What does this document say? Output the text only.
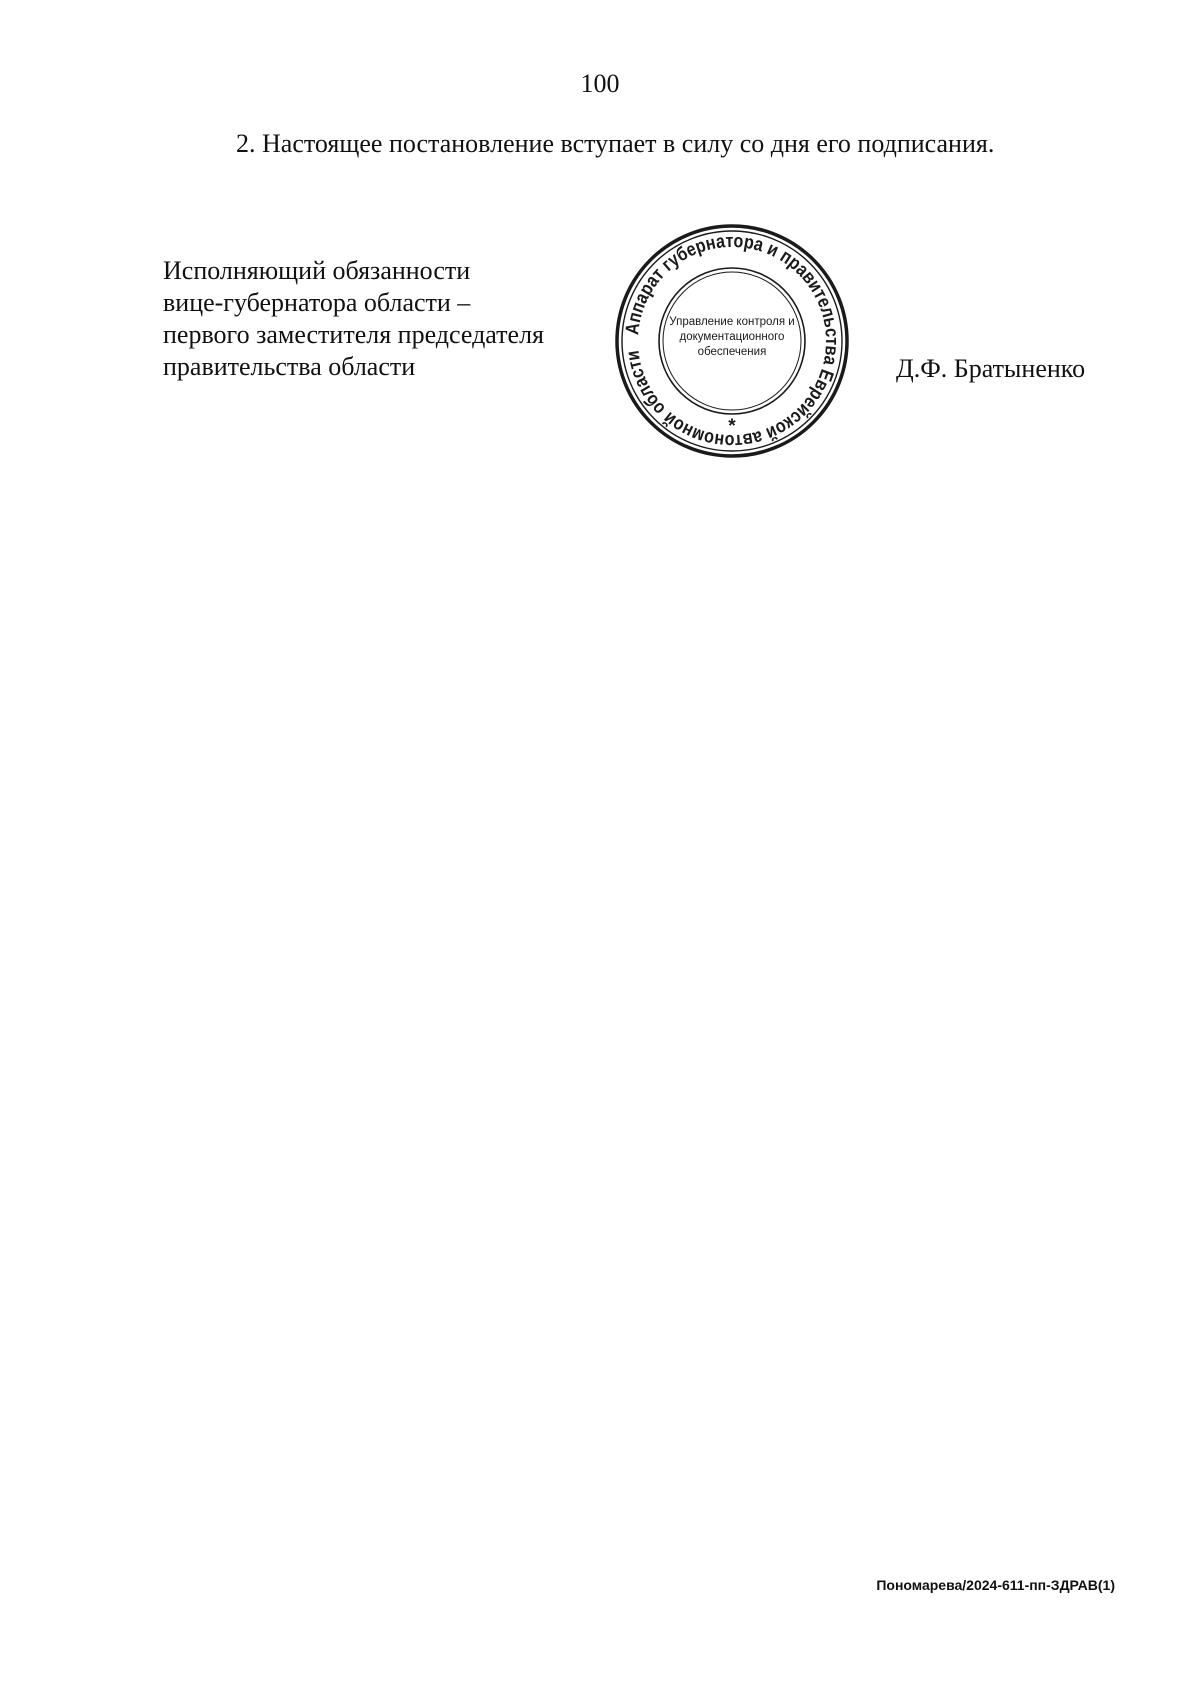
100
2. Настоящее постановление вступает в силу со дня его подписания.
Исполняющий обязанности
вице-губернатора области –
первого заместителя председателя
правительства области
Аппарат губернатора и правительства Еврейской автономной области
Управление контроля и
документационного
обеспечения
*
Д.Ф. Братыненко
Пономарева/2024-611-пп-ЗДРАВ(1)
